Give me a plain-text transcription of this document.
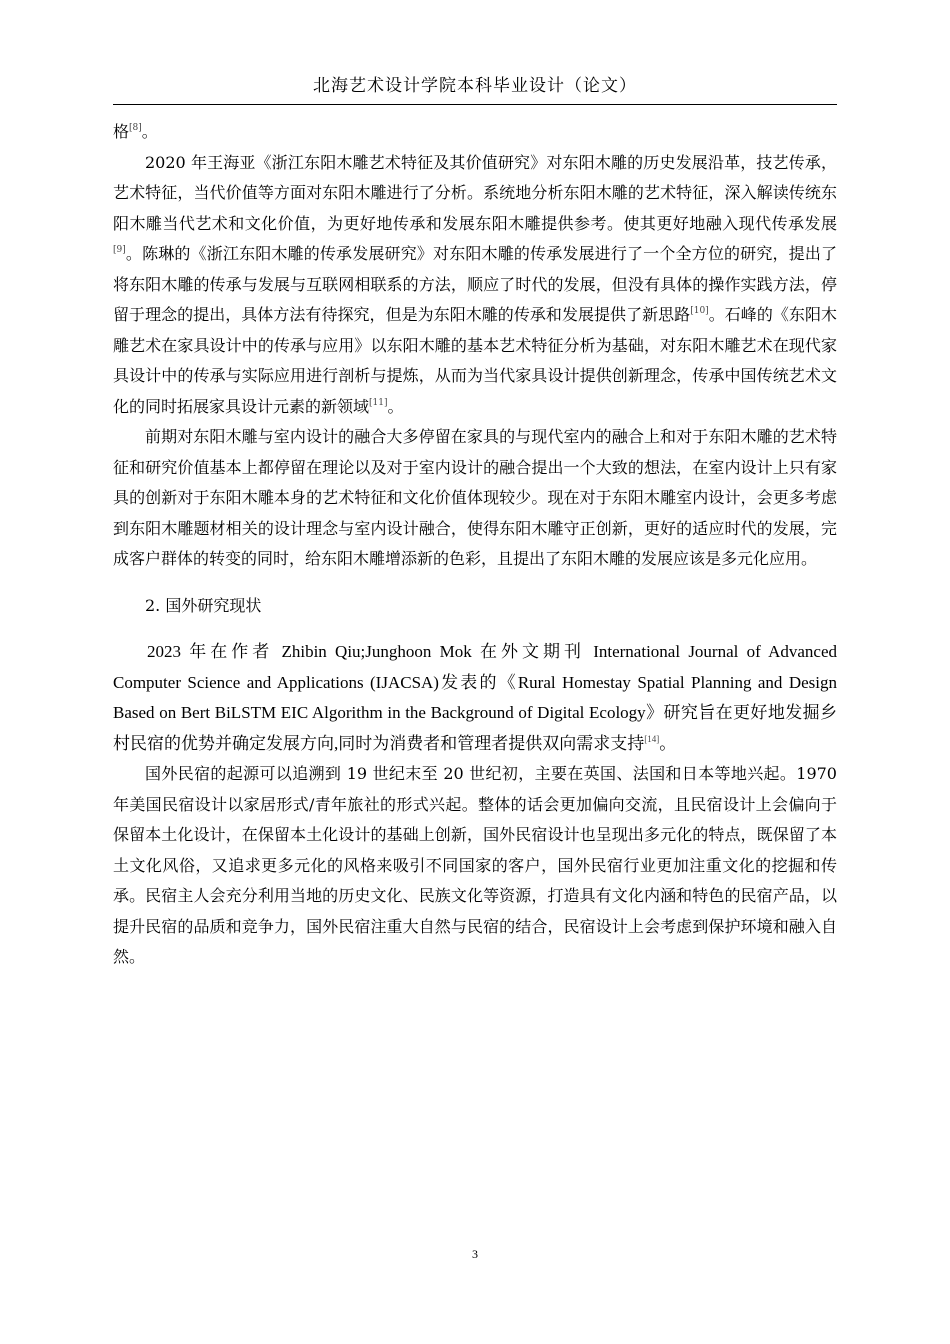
北海艺术设计学院本科毕业设计（论文）

格[8]。

2020 年王海亚《浙江东阳木雕艺术特征及其价值研究》对东阳木雕的历史发展沿革，技艺传承，艺术特征，当代价值等方面对东阳木雕进行了分析。系统地分析东阳木雕的艺术特征，深入解读传统东阳木雕当代艺术和文化价值，为更好地传承和发展东阳木雕提供参考。使其更好地融入现代传承发展[9]。陈琳的《浙江东阳木雕的传承发展研究》对东阳木雕的传承发展进行了一个全方位的研究，提出了将东阳木雕的传承与发展与互联网相联系的方法，顺应了时代的发展，但没有具体的操作实践方法，停留于理念的提出，具体方法有待探究，但是为东阳木雕的传承和发展提供了新思路[10]。石峰的《东阳木雕艺术在家具设计中的传承与应用》以东阳木雕的基本艺术特征分析为基础，对东阳木雕艺术在现代家具设计中的传承与实际应用进行剖析与提炼，从而为当代家具设计提供创新理念，传承中国传统艺术文化的同时拓展家具设计元素的新领域[11]。

前期对东阳木雕与室内设计的融合大多停留在家具的与现代室内的融合上和对于东阳木雕的艺术特征和研究价值基本上都停留在理论以及对于室内设计的融合提出一个大致的想法，在室内设计上只有家具的创新对于东阳木雕本身的艺术特征和文化价值体现较少。现在对于东阳木雕室内设计，会更多考虑到东阳木雕题材相关的设计理念与室内设计融合，使得东阳木雕守正创新，更好的适应时代的发展，完成客户群体的转变的同时，给东阳木雕增添新的色彩，且提出了东阳木雕的发展应该是多元化应用。

2. 国外研究现状

2023 年在作者 Zhibin Qiu;Junghoon Mok 在外文期刊 International Journal of Advanced Computer Science and Applications (IJACSA)发表的《Rural Homestay Spatial Planning and Design Based on Bert BiLSTM EIC Algorithm in the Background of Digital Ecology》研究旨在更好地发掘乡村民宿的优势并确定发展方向,同时为消费者和管理者提供双向需求支持[14]。

国外民宿的起源可以追溯到 19 世纪末至 20 世纪初，主要在英国、法国和日本等地兴起。1970 年美国民宿设计以家居形式/青年旅社的形式兴起。整体的话会更加偏向交流，且民宿设计上会偏向于保留本土化设计，在保留本土化设计的基础上创新，国外民宿设计也呈现出多元化的特点，既保留了本土文化风俗，又追求更多元化的风格来吸引不同国家的客户，国外民宿行业更加注重文化的挖掘和传承。民宿主人会充分利用当地的历史文化、民族文化等资源，打造具有文化内涵和特色的民宿产品，以提升民宿的品质和竞争力，国外民宿注重大自然与民宿的结合，民宿设计上会考虑到保护环境和融入自然。

3
